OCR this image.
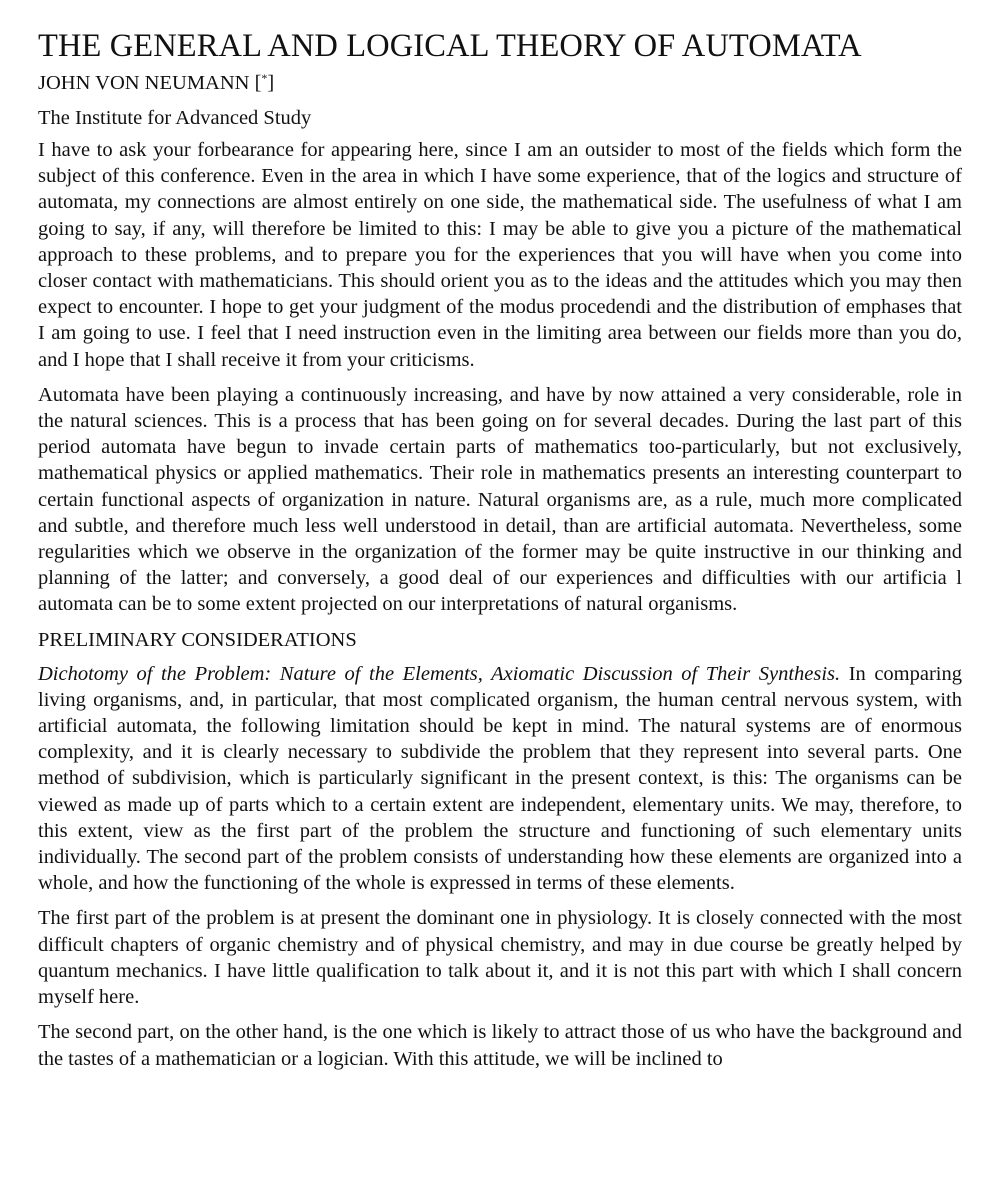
THE GENERAL AND LOGICAL THEORY OF AUTOMATA
JOHN VON NEUMANN [*]
The Institute for Advanced Study

I have to ask your forbearance for appearing here, since I am an outsider to most of the fields which form the subject of this conference. Even in the area in which I have some experience, that of the logics and structure of automata, my connections are almost entirely on one side, the mathematical side. The usefulness of what I am going to say, if any, will therefore be limited to this: I may be able to give you a picture of the mathematical approach to these problems, and to prepare you for the experiences that you will have when you come into closer contact with mathematicians. This should orient you as to the ideas and the attitudes which you may then expect to encounter. I hope to get your judgment of the modus procedendi and the distribution of emphases that I am going to use. I feel that I need instruction even in the limiting area between our fields more than you do, and I hope that I shall receive it from your criticisms.

Automata have been playing a continuously increasing, and have by now attained a very considerable, role in the natural sciences. This is a process that has been going on for several decades. During the last part of this period automata have begun to invade certain parts of mathematics too-particularly, but not exclusively, mathematical physics or applied mathematics. Their role in mathematics presents an interesting counterpart to certain functional aspects of organization in nature. Natural organisms are, as a rule, much more complicated and subtle, and therefore much less well understood in detail, than are artificial automata. Nevertheless, some regularities which we observe in the organization of the former may be quite instructive in our thinking and planning of the latter; and conversely, a good deal of our experiences and difficulties with our artificia l automata can be to some extent projected on our interpretations of natural organisms.

PRELIMINARY CONSIDERATIONS

Dichotomy of the Problem: Nature of the Elements, Axiomatic Discussion of Their Synthesis. In comparing living organisms, and, in particular, that most complicated organism, the human central nervous system, with artificial automata, the following limitation should be kept in mind. The natural systems are of enormous complexity, and it is clearly necessary to subdivide the problem that they represent into several parts. One method of subdivision, which is particularly significant in the present context, is this: The organisms can be viewed as made up of parts which to a certain extent are independent, elementary units. We may, therefore, to this extent, view as the first part of the problem the structure and functioning of such elementary units individually. The second part of the problem consists of understanding how these elements are organized into a whole, and how the functioning of the whole is expressed in terms of these elements.

The first part of the problem is at present the dominant one in physiology. It is closely connected with the most difficult chapters of organic chemistry and of physical chemistry, and may in due course be greatly helped by quantum mechanics. I have little qualification to talk about it, and it is not this part with which I shall concern myself here.

The second part, on the other hand, is the one which is likely to attract those of us who have the background and the tastes of a mathematician or a logician. With this attitude, we will be inclined to
